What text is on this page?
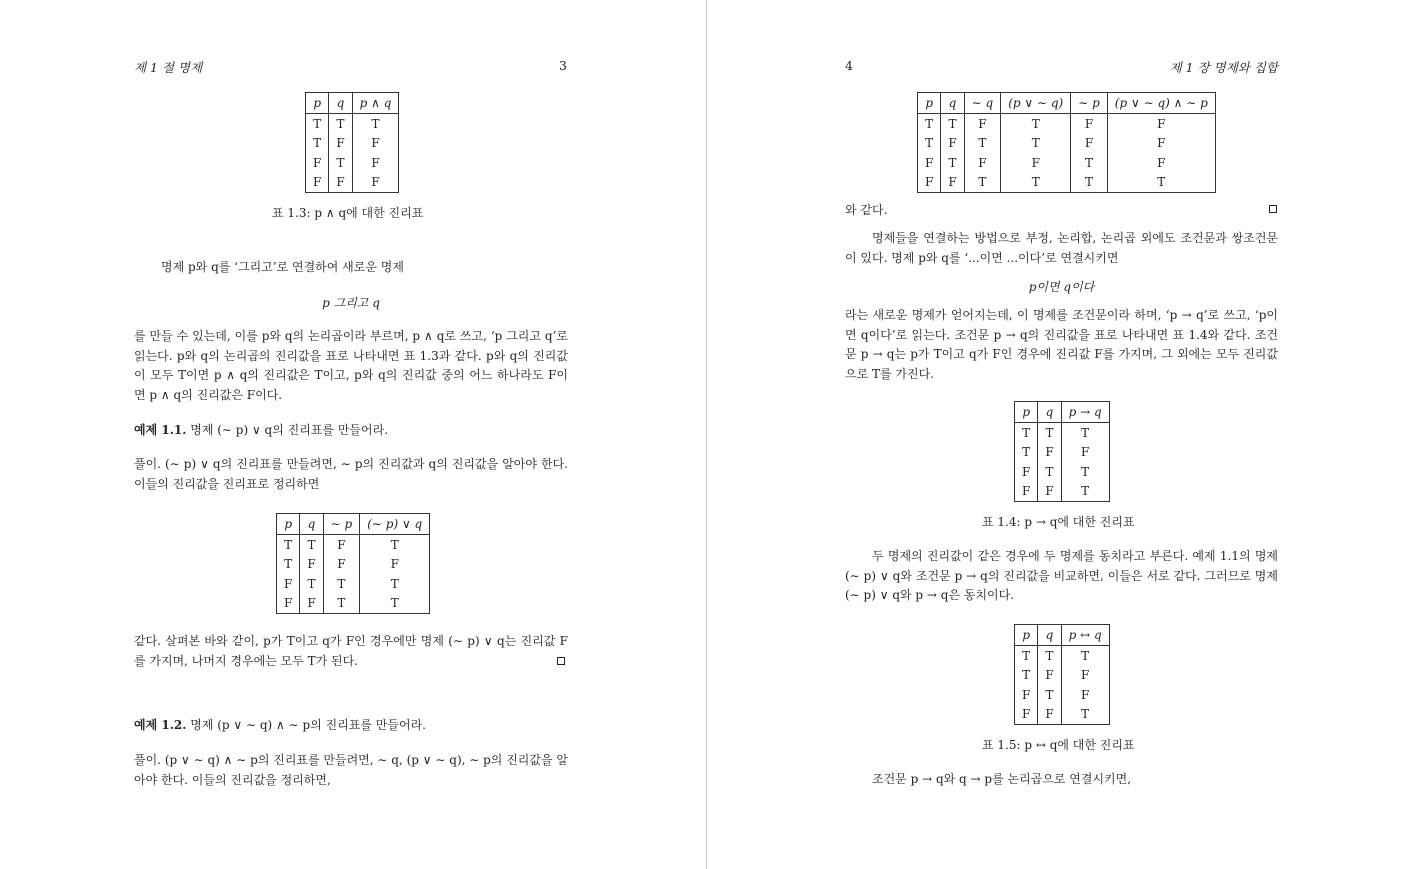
제 1 절 명제	3
p	q	p ∧ q
T	T	T
T	F	F
F	T	F
F	F	F
표 1.3: p ∧ q에 대한 진리표
명제 p와 q를 ‘그리고’로 연결하여 새로운 명제
p 그리고 q
를 만들 수 있는데, 이를 p와 q의 논리곱이라 부르며, p ∧ q로 쓰고, ‘p 그리고 q’로 읽는다. p와 q의 논리곱의 진리값을 표로 나타내면 표 1.3과 같다. p와 q의 진리값이 모두 T이면 p ∧ q의 진리값은 T이고, p와 q의 진리값 중의 어느 하나라도 F이면 p ∧ q의 진리값은 F이다.
예제 1.1. 명제 (∼ p) ∨ q의 진리표를 만들어라.
풀이. (∼ p) ∨ q의 진리표를 만들려면, ∼ p의 진리값과 q의 진리값을 알아야 한다. 이들의 진리값을 진리표로 정리하면
p	q	∼ p	(∼ p) ∨ q
T	T	F	T
T	F	F	F
F	T	T	T
F	F	T	T
같다. 살펴본 바와 같이, p가 T이고 q가 F인 경우에만 명제 (∼ p) ∨ q는 진리값 F를 가지며, 나머지 경우에는 모두 T가 된다.
예제 1.2. 명제 (p ∨ ∼ q) ∧ ∼ p의 진리표를 만들어라.
풀이. (p ∨ ∼ q) ∧ ∼ p의 진리표를 만들려면, ∼ q, (p ∨ ∼ q), ∼ p의 진리값을 알아야 한다. 이들의 진리값을 정리하면,
4	제 1 장 명제와 집합
p	q	∼ q	(p ∨ ∼ q)	∼ p	(p ∨ ∼ q) ∧ ∼ p
T	T	F	T	F	F
T	F	T	T	F	F
F	T	F	F	T	F
F	F	T	T	T	T
와 같다.
명제들을 연결하는 방법으로 부정, 논리합, 논리곱 외에도 조건문과 쌍조건문이 있다. 명제 p와 q를 ‘...이면 ...이다’로 연결시키면
p이면 q이다
라는 새로운 명제가 얻어지는데, 이 명제를 조건문이라 하며, ‘p → q’로 쓰고, ‘p이면 q이다’로 읽는다. 조건문 p → q의 진리값을 표로 나타내면 표 1.4와 같다. 조건문 p → q는 p가 T이고 q가 F인 경우에 진리값 F를 가지며, 그 외에는 모두 진리값으로 T를 가진다.
p	q	p → q
T	T	T
T	F	F
F	T	T
F	F	T
표 1.4: p → q에 대한 진리표
두 명제의 진리값이 같은 경우에 두 명제를 동치라고 부른다. 예제 1.1의 명제 (∼ p) ∨ q와 조건문 p → q의 진리값을 비교하면, 이들은 서로 같다. 그러므로 명제 (∼ p) ∨ q와 p → q은 동치이다.
p	q	p ↔ q
T	T	T
T	F	F
F	T	F
F	F	T
표 1.5: p ↔ q에 대한 진리표
조건문 p → q와 q → p를 논리곱으로 연결시키면,
